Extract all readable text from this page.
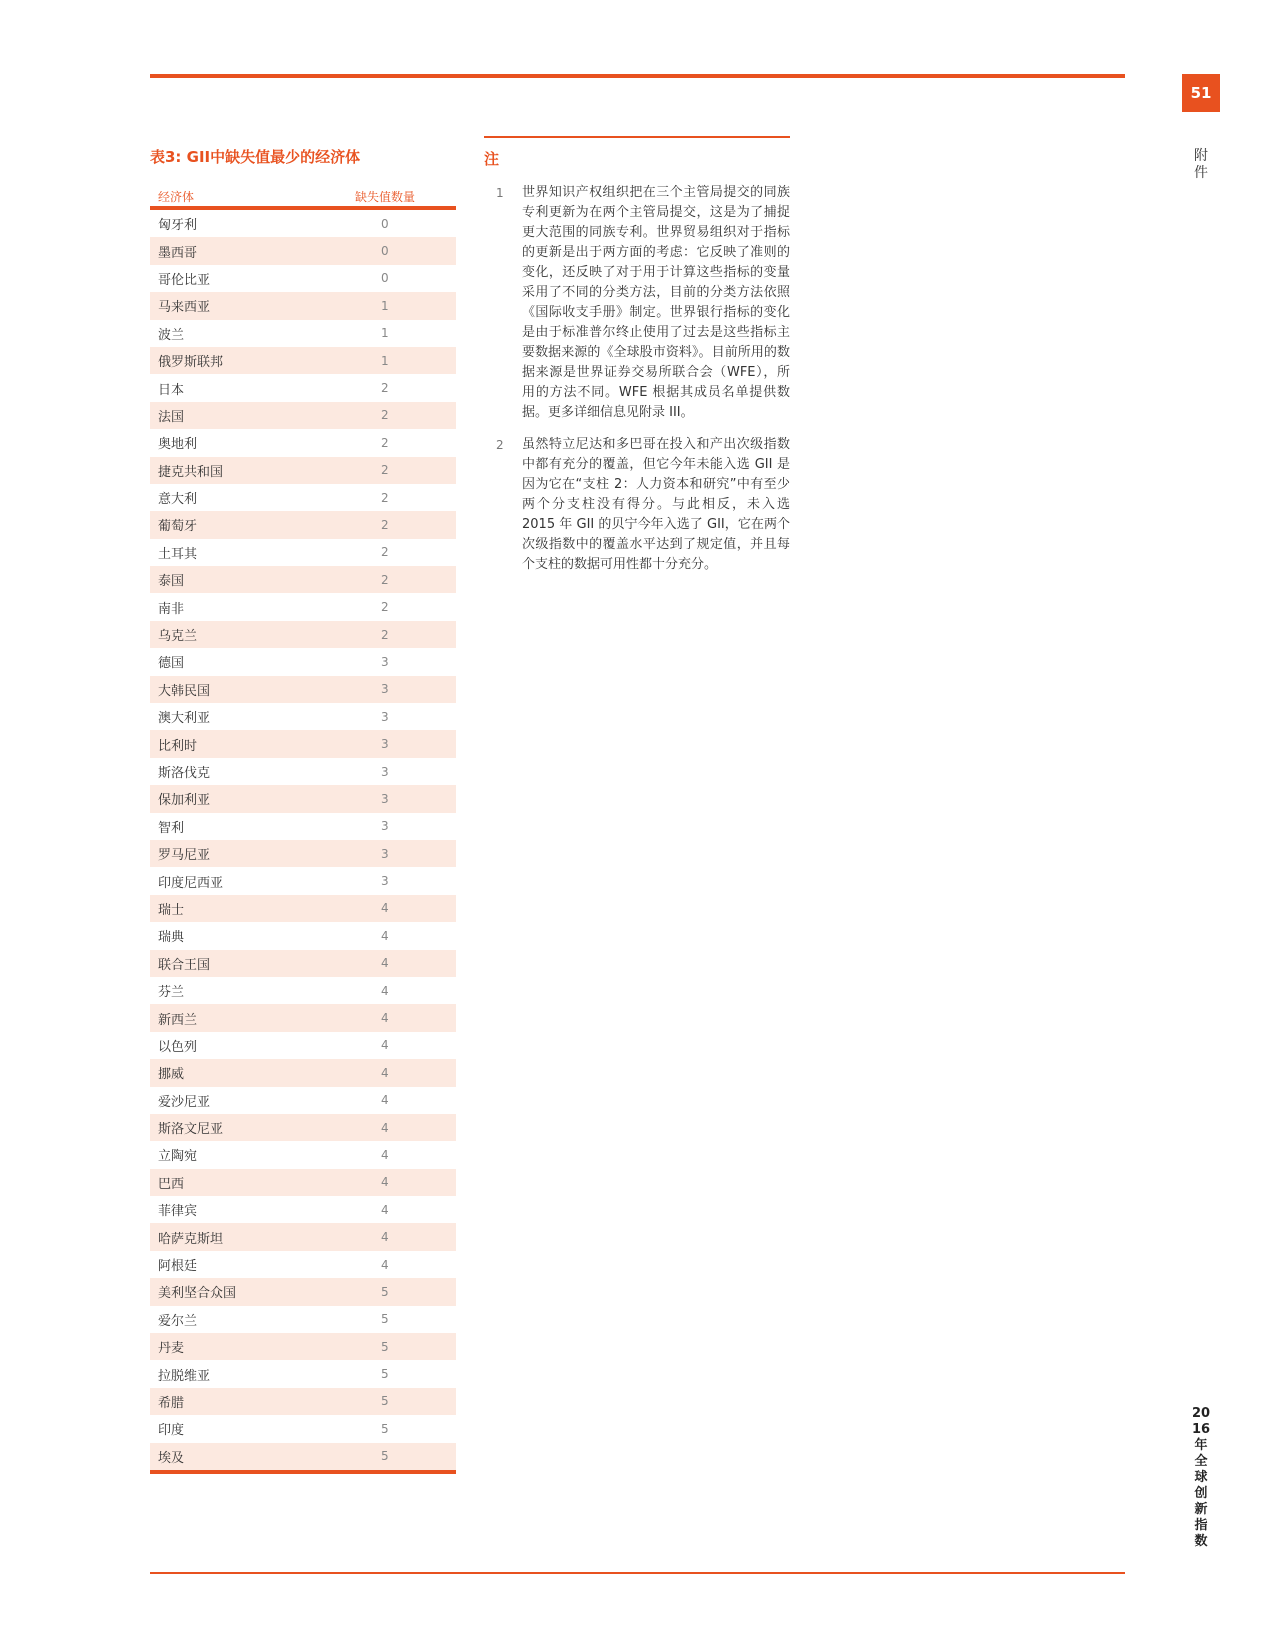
51
附件
表3: GII中缺失值最少的经济体
经济体	缺失值数量
匈牙利	0
墨西哥	0
哥伦比亚	0
马来西亚	1
波兰	1
俄罗斯联邦	1
日本	2
法国	2
奥地利	2
捷克共和国	2
意大利	2
葡萄牙	2
土耳其	2
泰国	2
南非	2
乌克兰	2
德国	3
大韩民国	3
澳大利亚	3
比利时	3
斯洛伐克	3
保加利亚	3
智利	3
罗马尼亚	3
印度尼西亚	3
瑞士	4
瑞典	4
联合王国	4
芬兰	4
新西兰	4
以色列	4
挪威	4
爱沙尼亚	4
斯洛文尼亚	4
立陶宛	4
巴西	4
菲律宾	4
哈萨克斯坦	4
阿根廷	4
美利坚合众国	5
爱尔兰	5
丹麦	5
拉脱维亚	5
希腊	5
印度	5
埃及	5
注
1	世界知识产权组织把在三个主管局提交的同族专利更新为在两个主管局提交，这是为了捕捉更大范围的同族专利。世界贸易组织对于指标的更新是出于两方面的考虑：它反映了准则的变化，还反映了对于用于计算这些指标的变量采用了不同的分类方法，目前的分类方法依照《国际收支手册》制定。世界银行指标的变化是由于标准普尔终止使用了过去是这些指标主要数据来源的《全球股市资料》。目前所用的数据来源是世界证券交易所联合会（WFE），所用的方法不同。WFE 根据其成员名单提供数据。更多详细信息见附录 III。
2	虽然特立尼达和多巴哥在投入和产出次级指数中都有充分的覆盖，但它今年未能入选 GII 是因为它在“支柱 2：人力资本和研究”中有至少两个分支柱没有得分。与此相反，未入选 2015 年 GII 的贝宁今年入选了 GII，它在两个次级指数中的覆盖水平达到了规定值，并且每个支柱的数据可用性都十分充分。
2016年全球创新指数
